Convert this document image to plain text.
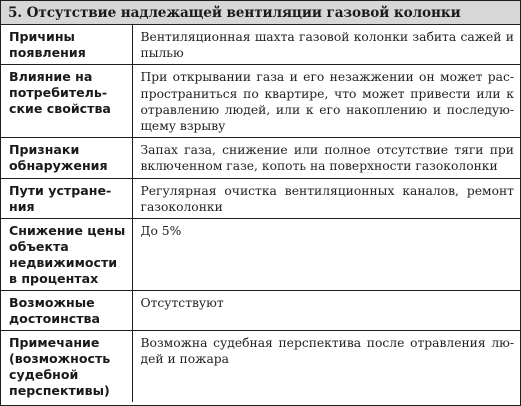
5. Отсутствие надлежащей вентиляции газовой колонки
Причины появления	Вентиляционная шахта газовой колонки забита сажей и пылью
Влияние на потребитель-ские свойства	При открывании газа и его незажжении он может рас-пространиться по квартире, что может привести или к отравлению людей, или к его накоплению и последую-щему взрыву
Признаки обнаружения	Запах газа, снижение или полное отсутствие тяги при включенном газе, копоть на поверхности газоколонки
Пути устране-ния	Регулярная очистка вентиляционных каналов, ремонт газоколонки
Снижение цены объекта недвижимости в процентах	До 5%
Возможные достоинства	Отсутствуют
Примечание (возможность судебной перспективы)	Возможна судебная перспектива после отравления лю-дей и пожара
